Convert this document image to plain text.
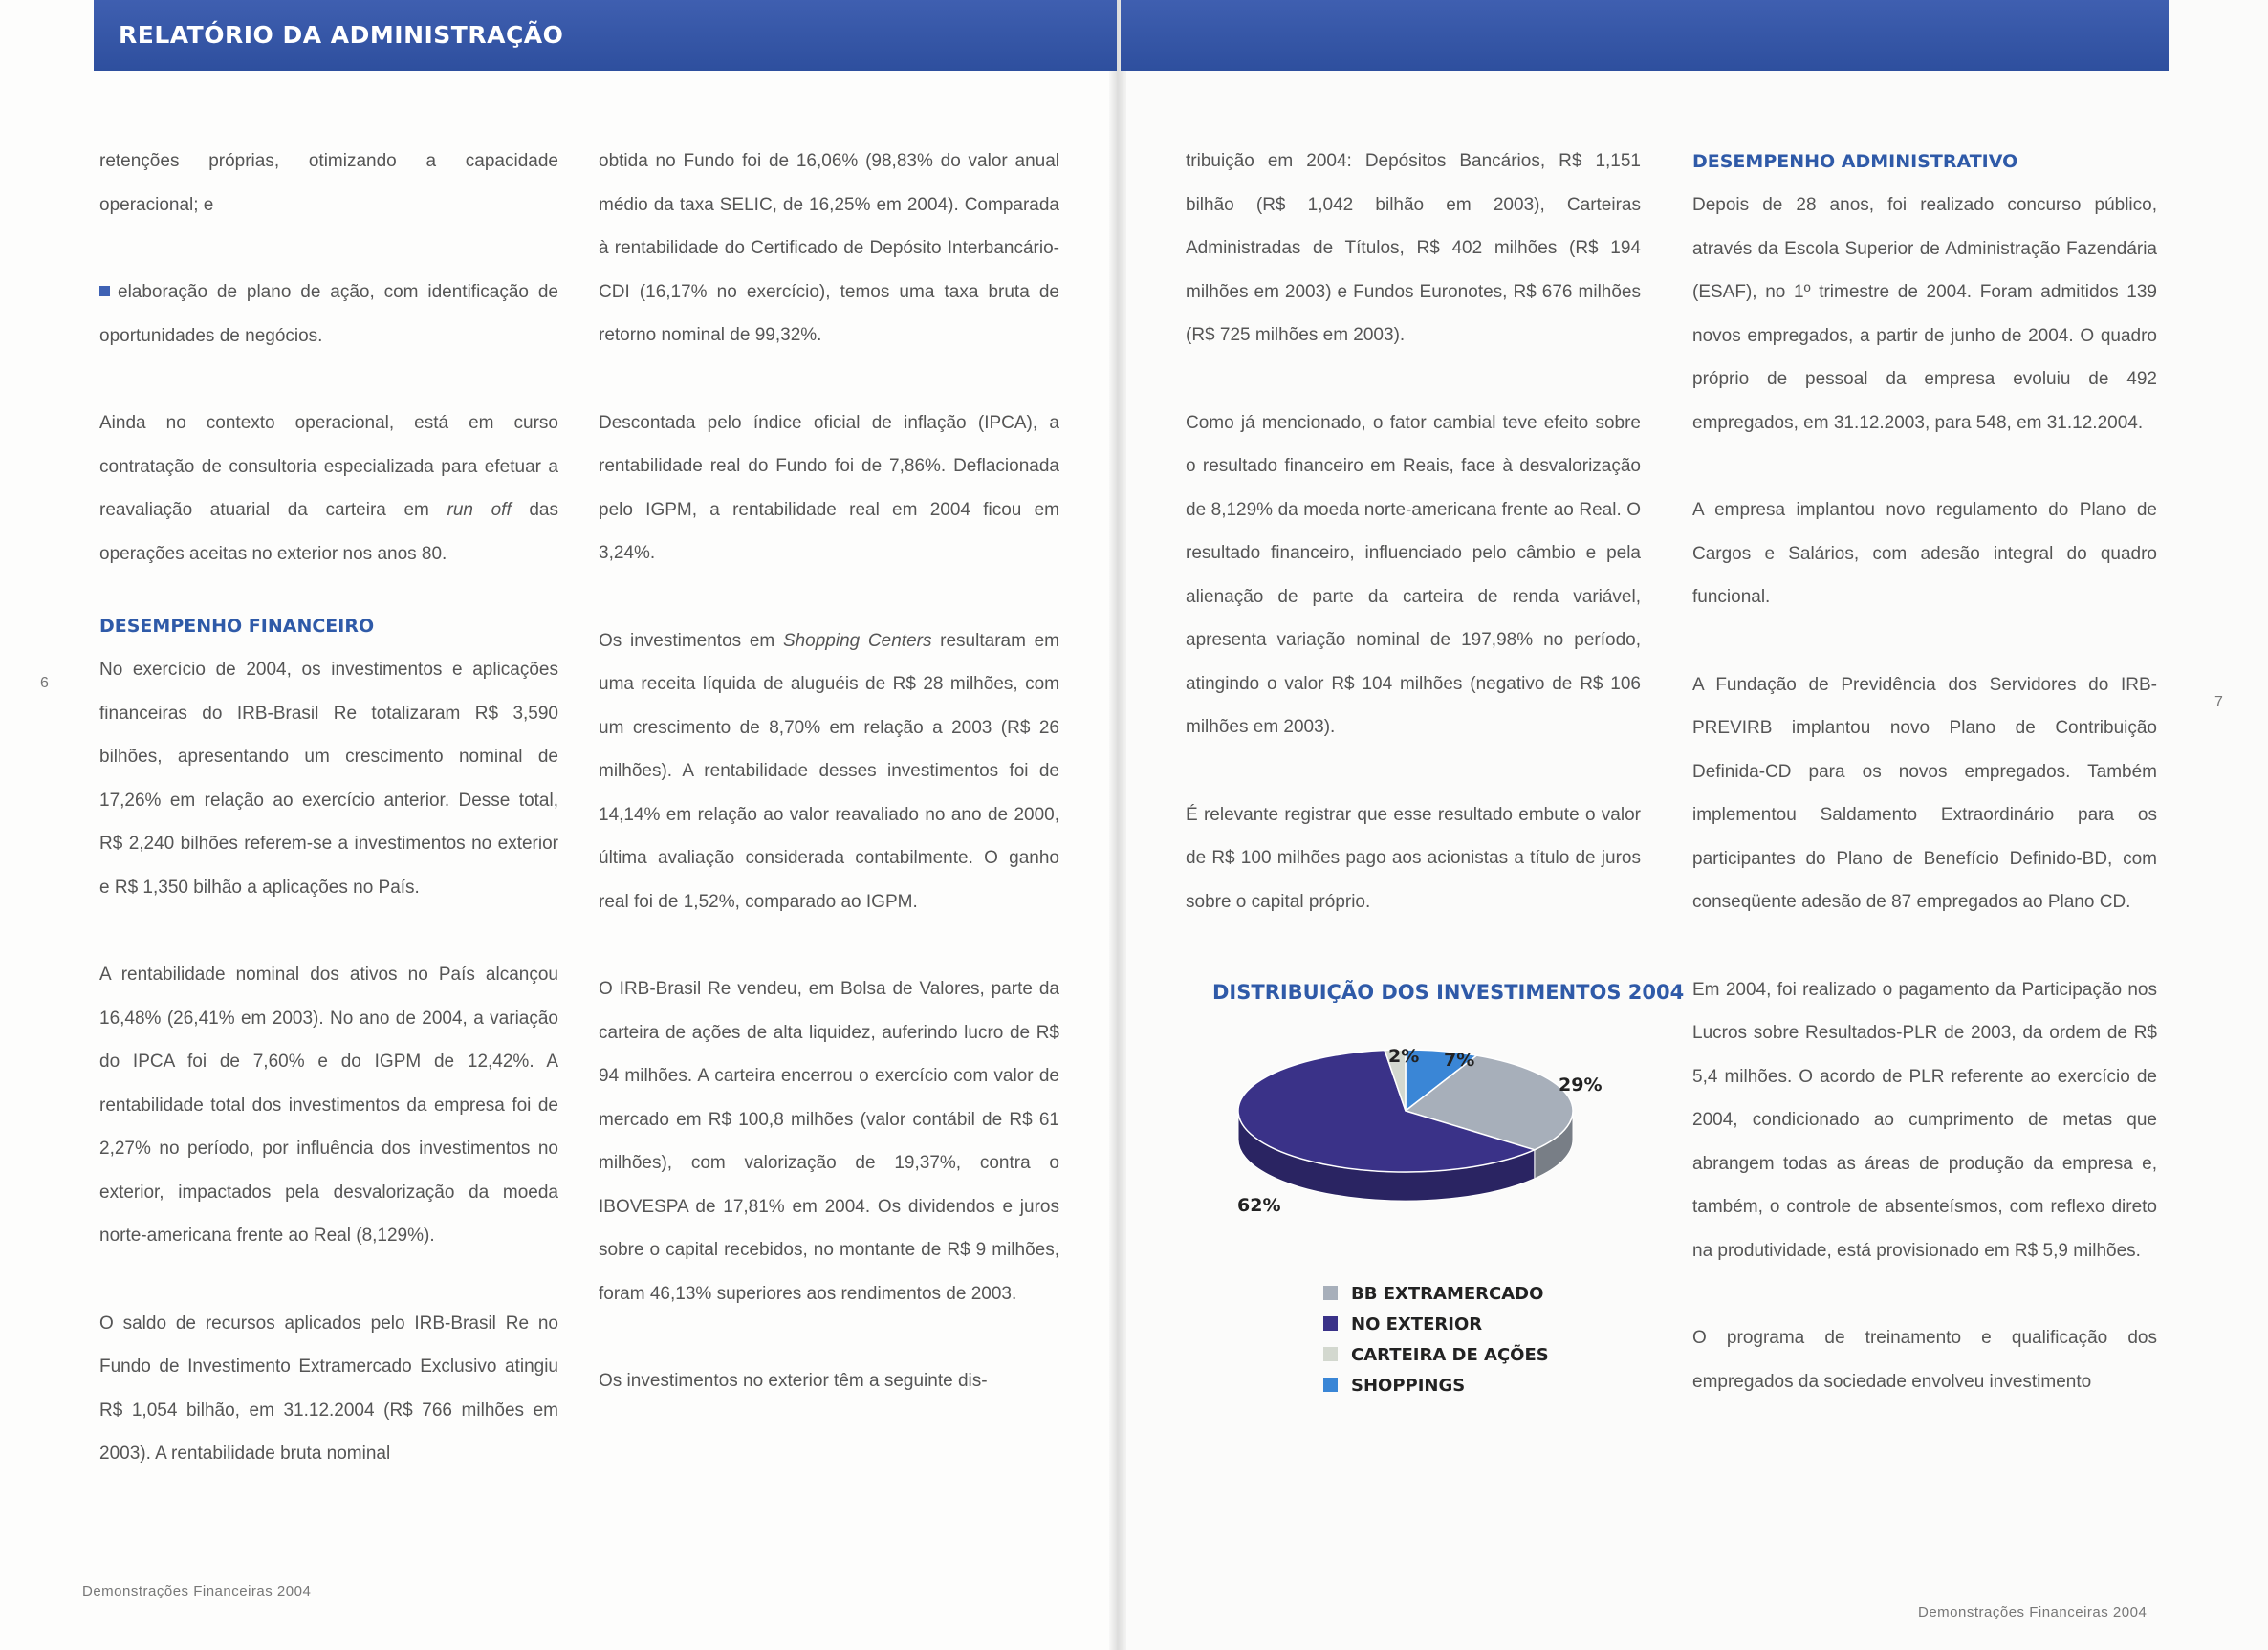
RELATÓRIO DA ADMINISTRAÇÃO

retenções próprias, otimizando a capacidade operacional; e

elaboração de plano de ação, com identificação de oportunidades de negócios.

Ainda no contexto operacional, está em curso contratação de consultoria especializada para efetuar a reavaliação atuarial da carteira em run off das operações aceitas no exterior nos anos 80.

DESEMPENHO FINANCEIRO

No exercício de 2004, os investimentos e aplicações financeiras do IRB-Brasil Re totalizaram R$ 3,590 bilhões, apresentando um crescimento nominal de 17,26% em relação ao exercício anterior. Desse total, R$ 2,240 bilhões referem-se a investimentos no exterior e R$ 1,350 bilhão a aplicações no País.

A rentabilidade nominal dos ativos no País alcançou 16,48% (26,41% em 2003). No ano de 2004, a variação do IPCA foi de 7,60% e do IGPM de 12,42%. A rentabilidade total dos investimentos da empresa foi de 2,27% no período, por influência dos investimentos no exterior, impactados pela desvalorização da moeda norte-americana frente ao Real (8,129%).

O saldo de recursos aplicados pelo IRB-Brasil Re no Fundo de Investimento Extramercado Exclusivo atingiu R$ 1,054 bilhão, em 31.12.2004 (R$ 766 milhões em 2003). A rentabilidade bruta nominal

obtida no Fundo foi de 16,06% (98,83% do valor anual médio da taxa SELIC, de 16,25% em 2004). Comparada à rentabilidade do Certificado de Depósito Interbancário-CDI (16,17% no exercício), temos uma taxa bruta de retorno nominal de 99,32%.

Descontada pelo índice oficial de inflação (IPCA), a rentabilidade real do Fundo foi de 7,86%. Deflacionada pelo IGPM, a rentabilidade real em 2004 ficou em 3,24%.

Os investimentos em Shopping Centers resultaram em uma receita líquida de aluguéis de R$ 28 milhões, com um crescimento de 8,70% em relação a 2003 (R$ 26 milhões). A rentabilidade desses investimentos foi de 14,14% em relação ao valor reavaliado no ano de 2000, última avaliação considerada contabilmente. O ganho real foi de 1,52%, comparado ao IGPM.

O IRB-Brasil Re vendeu, em Bolsa de Valores, parte da carteira de ações de alta liquidez, auferindo lucro de R$ 94 milhões. A carteira encerrou o exercício com valor de mercado em R$ 100,8 milhões (valor contábil de R$ 61 milhões), com valorização de 19,37%, contra o IBOVESPA de 17,81% em 2004. Os dividendos e juros sobre o capital recebidos, no montante de R$ 9 milhões, foram 46,13% superiores aos rendimentos de 2003.

Os investimentos no exterior têm a seguinte dis-

tribuição em 2004: Depósitos Bancários, R$ 1,151 bilhão (R$ 1,042 bilhão em 2003), Carteiras Administradas de Títulos, R$ 402 milhões (R$ 194 milhões em 2003) e Fundos Euronotes, R$ 676 milhões (R$ 725 milhões em 2003).

Como já mencionado, o fator cambial teve efeito sobre o resultado financeiro em Reais, face à desvalorização de 8,129% da moeda norte-americana frente ao Real. O resultado financeiro, influenciado pelo câmbio e pela alienação de parte da carteira de renda variável, apresenta variação nominal de 197,98% no período, atingindo o valor R$ 104 milhões (negativo de R$ 106 milhões em 2003).

É relevante registrar que esse resultado embute o valor de R$ 100 milhões pago aos acionistas a título de juros sobre o capital próprio.

DESEMPENHO ADMINISTRATIVO

Depois de 28 anos, foi realizado concurso público, através da Escola Superior de Administração Fazendária (ESAF), no 1º trimestre de 2004. Foram admitidos 139 novos empregados, a partir de junho de 2004. O quadro próprio de pessoal da empresa evoluiu de 492 empregados, em 31.12.2003, para 548, em 31.12.2004.

A empresa implantou novo regulamento do Plano de Cargos e Salários, com adesão integral do quadro funcional.

A Fundação de Previdência dos Servidores do IRB-PREVIRB implantou novo Plano de Contribuição Definida-CD para os novos empregados. Também implementou Saldamento Extraordinário para os participantes do Plano de Benefício Definido-BD, com conseqüente adesão de 87 empregados ao Plano CD.

Em 2004, foi realizado o pagamento da Participação nos Lucros sobre Resultados-PLR de 2003, da ordem de R$ 5,4 milhões. O acordo de PLR referente ao exercício de 2004, condicionado ao cumprimento de metas que abrangem todas as áreas de produção da empresa e, também, o controle de absenteísmos, com reflexo direto na produtividade, está provisionado em R$ 5,9 milhões.

O programa de treinamento e qualificação dos empregados da sociedade envolveu investimento

DISTRIBUIÇÃO DOS INVESTIMENTOS 2004
29%
62%
2% 7%
BB EXTRAMERCADO
NO EXTERIOR
CARTEIRA DE AÇÕES
SHOPPINGS
6
7
Demonstrações Financeiras 2004
Demonstrações Financeiras 2004
